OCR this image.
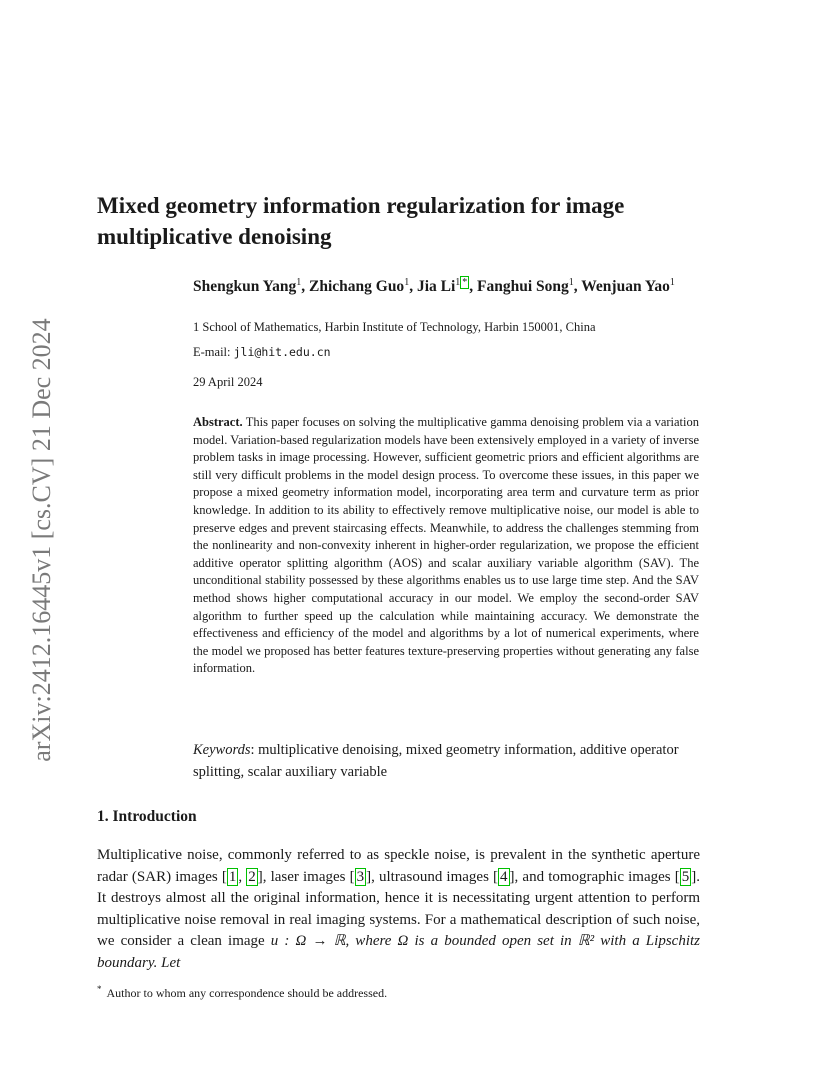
arXiv:2412.16445v1 [cs.CV] 21 Dec 2024
Mixed geometry information regularization for image multiplicative denoising
Shengkun Yang$^1$, Zhichang Guo$^1$, Jia Li$^1$ * , Fanghui Song$^1$, Wenjuan Yao$^1$
1 School of Mathematics, Harbin Institute of Technology, Harbin 150001, China
E-mail: jli@hit.edu.cn
29 April 2024
Abstract. This paper focuses on solving the multiplicative gamma denoising problem via a variation model. Variation-based regularization models have been extensively employed in a variety of inverse problem tasks in image processing. However, sufficient geometric priors and efficient algorithms are still very difficult problems in the model design process. To overcome these issues, in this paper we propose a mixed geometry information model, incorporating area term and curvature term as prior knowledge. In addition to its ability to effectively remove multiplicative noise, our model is able to preserve edges and prevent staircasing effects. Meanwhile, to address the challenges stemming from the nonlinearity and non-convexity inherent in higher-order regularization, we propose the efficient additive operator splitting algorithm (AOS) and scalar auxiliary variable algorithm (SAV). The unconditional stability possessed by these algorithms enables us to use large time step. And the SAV method shows higher computational accuracy in our model. We employ the second-order SAV algorithm to further speed up the calculation while maintaining accuracy. We demonstrate the effectiveness and efficiency of the model and algorithms by a lot of numerical experiments, where the model we proposed has better features texture-preserving properties without generating any false information.
Keywords: multiplicative denoising, mixed geometry information, additive operator splitting, scalar auxiliary variable
1. Introduction
Multiplicative noise, commonly referred to as speckle noise, is prevalent in the synthetic aperture radar (SAR) images [ 1 , 2 ], laser images [ 3 ], ultrasound images [ 4 ], and tomographic images [ 5 ]. It destroys almost all the original information, hence it is necessitating urgent attention to perform multiplicative noise removal in real imaging systems. For a mathematical description of such noise, we consider a clean image u : Ω → ℝ, where Ω is a bounded open set in ℝ² with a Lipschitz boundary. Let
* Author to whom any correspondence should be addressed.
